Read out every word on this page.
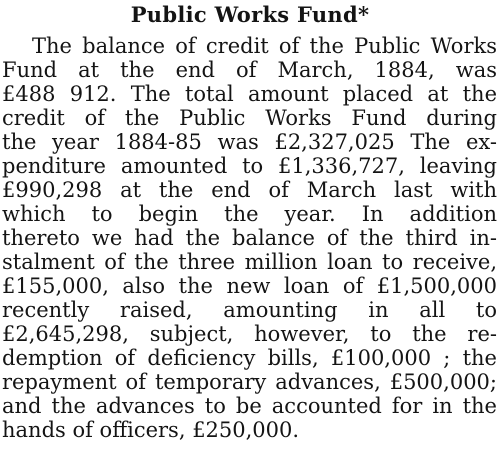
Public Works Fund*
The balance of credit of the Public Works
Fund at the end of March, 1884, was
£488 912. The total amount placed at the
credit of the Public Works Fund during
the year 1884-85 was £2,327,025 The ex-
penditure amounted to £1,336,727, leaving
£990,298 at the end of March last with
which to begin the year. In addition
thereto we had the balance of the third in-
stalment of the three million loan to receive,
£155,000, also the new loan of £1,500,000
recently raised, amounting in all to
£2,645,298, subject, however, to the re-
demption of deficiency bills, £100,000 ; the
repayment of temporary advances, £500,000;
and the advances to be accounted for in the
hands of officers, £250,000.
